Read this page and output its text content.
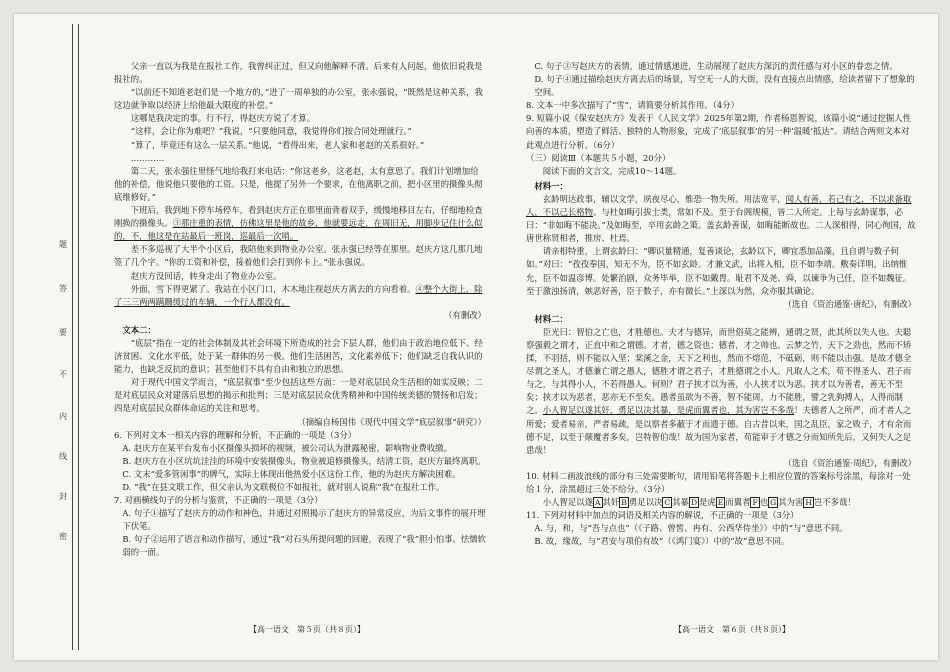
题
答
要
不
内
线
封
密

父亲一直以为我是在报社工作，我曾纠正过，但又向他解释不清。后来有人问起，他依旧说我是报社的。

“以前还不知道老赵们是一个地方的，”进了一周单独的办公室，张永强说，“既然是这种关系，我这边就争取以经济上给他最大限度的补偿。”

这哪是我决定的事。行不行，得赵庆方说了才算。

“这样，会让你为难吧？”我说，“只要他同意，我觉得你们按合同处理就行。”

“算了，毕竟还有这么一层关系。”他说，“看得出来，老人家和老赵的关系很好。”

…………

第二天，张永强往里怪气地给我打来电话：“你这老乡，这老赵，太有意思了。我们计划增加给他的补偿，他说他只要他的工资。只是，他提了另外一个要求，在他离职之前，把小区里的摄像头彻底维修好。”

下班后，我到地下停车场停车，看到赵庆方正在那里面背着双手，缓慢地移目左右，仔细地检查刚换的摄像头。③那庄重的表情，仿佛这里是他的故乡，他就要远走，在周旧无，用脚步记住什么似的，不，他这是在站最后一班岗，巡最后一次哨。

差不多巡视了大半个小区后，我陪他来到物业办公室。张永强已经等在那里。赵庆方这几那几地签了几个字。“你的工资和补偿，接着他们会打到你卡上。”张永强说。

赵庆方没回话，转身走出了物业办公室。

外面，雪下得更紧了。我站在小区门口，木木地注视赵庆方离去的方向看着。④整个大街上，除了三三两两蹒跚缓过的车辆，一个行人都没有。

（有删改）

文本二：

“底层”指在一定的社会体制及其社会环境下所造成的社会下层人群，他们由于政治地位低下、经济贫困、文化水平低，处于某一群体的另一极。他们生活困苦，文化素养低下；他们缺乏自我认识的能力，也缺乏反抗的意识；甚至他们不具有自由和独立的思想。

对于现代中国文学而言，“底层叙事”至少包括这些方面：一是对底层民众生活相的如实反映；二是对底层民众对建落后思想的揭示和批判；三是对底层民众优秀精神和中国传统美德的赞扬和启发；四是对底层民众群体命运的关注和思考。

（摘编自杨国伟《现代中国文学“底层叙事”研究》）

6. 下列对文本一相关内容的理解和分析，不正确的一项是（3分）

A. 赵庆方在某平台发布小区摄像头损坏的视频，被公司认为泄露秘密，影响物业费收缴。

B. 赵庆方在小区坑坑洼洼的环境中安装摄像头，物业被追修摄像头，结清工资，赵庆方最终离职。

C. 文末“爱多管闲事”的牌气，实际上体现出他热爱小区这份工作，他的为赵庆方解决困难。

D. “我”在县文联工作，但父亲认为文联极位不如报社，就对别人说称“我”在报社工作。

7. 对画横线句子的分析与鉴赏，不正确的一项是（3分）

A. 句子①描写了赵庆方的动作和神色，并通过对照揭示了赵庆方的异常反应，为后文事件的展开埋下伏笔。

B. 句子②运用了语言和动作描写，通过“我”对石头所提问题的回避，表现了“我”胆小怕事、怯懦软弱的一面。

【高一语文　第５页（共８页）】

C. 句子③写赵庆方的表情，通过情感递进，生动展现了赵庆方深沉的责任感与对小区的眷恋之情。

D. 句子④通过描绘赵庆方离去后的场景，写空无一人的大街，没有直接点出情感，给读者留下了想象的空间。

8. 文本一中多次描写了“雪”，请简要分析其作用。（4分）

9. 短篇小说《保安赵庆方》发表于《人民文学》2025年第2期，作者杨恩智说，该篇小说“通过挖掘人性向善的本质，塑造了鲜活、独特的人物形象，完成了‘底层叙事’的另一种‘温暖’抵达”。请结合两则文本对此观点进行分析。（6分）

（三）阅读Ⅲ（本题共５小题，20分）

阅读下面的文言文，完成10～14题。

材料一：

玄龄明达政事，辅以文学，夙夜尽心，惟恐一物失所。用法宽平，闻人有善，若己有之，不以求备取人，不以己长格物。与杜如晦引拔士类，常如不及。至于台阁规模，皆二人所定。上每与玄龄谋事，必曰：“非如晦不能决。”及如晦至，卒用玄龄之策。盖玄龄善谋，如晦能断故也。二人深相得，同心徇国，故唐世称贤相者，推房、杜焉。

请亲相特重，上谓玄龄曰：“卿识量精通，复善谈论，玄龄以下，卿宜悉加品藻，且自谓与数子何如。”对曰：“孜孜奉国，知无不为，臣不如玄龄。才兼文武，出将入相，臣不如李靖。敷奏详明，出纳惟允，臣不如温彦博。处繁治剧，众务毕举，臣不如戴胄。耻君不及尧、舜，以谏争为己任，臣不如魏征。至于激浊扬清，嫉恶好善，臣于数子，亦有微长。”上深以为然，众亦服其确论。

（选自《资治通鉴·唐纪》，有删改）

材料二：

臣光曰：智伯之亡也，才胜德也。夫才与德异，而世俗莫之能辨，通谓之贤，此其所以失人也。夫聪察强毅之谓才，正直中和之谓德。才者，德之资也；德者，才之帅也。云梦之竹，天下之劲也，然而不矫揉，不羽括，则不能以入坚；棠溪之金，天下之利也，然而不熔范，不砥砺，则不能以击强。是故才德全尽谓之圣人，才德兼亡谓之愚人，德胜才谓之君子，才胜德谓之小人。凡取人之术，苟不得圣人、君子而与之，与其得小人，不若得愚人。何则？君子挟才以为善，小人挟才以为恶。挟才以为善者，善无不至矣；挟才以为恶者，恶亦无不至矣。愚者虽欲为不善，智不能周，力不能胜，譬之乳狗搏人，人得而制之。小人智足以遂其奸，勇足以决其暴，是虎而翼者也，其为害岂不多哉！夫德者人之所严，而才者人之所爱；爱者易亲，严者易疏，是以察者多蔽于才而遗于德。自古昔以来，国之乱臣，家之败子，才有余而德不足，以至于颠覆者多矣，岂特智伯哉！故为国为家者，苟能审于才德之分而知所先后，又何失人之足患哉！

（选自《资治通鉴·周纪》，有删改）

10. 材料二画波浪线的部分有三处需要断句，请用铅笔将答题卡上相应位置的答案标号涂黑，每涂对一处给１分，涂黑超过三处不给分。（3分）

小人智足以遂 A 其奸 B 勇足以决 C 其暴 D 是虎 E 而翼者 F 也 G 其为害 H 岂不多哉！

11. 下列对材料中加点的词语及相关内容的解说，不正确的一项是（3分）

A. 与，和，与“吾与点也”（《子路、曾皙、冉有、公西华侍坐》）中的“与”意思不同。

B. 故，缘故，与“君安与项伯有故”（《鸿门宴》）中的“故”意思不同。

【高一语文　第６页（共８页）】
